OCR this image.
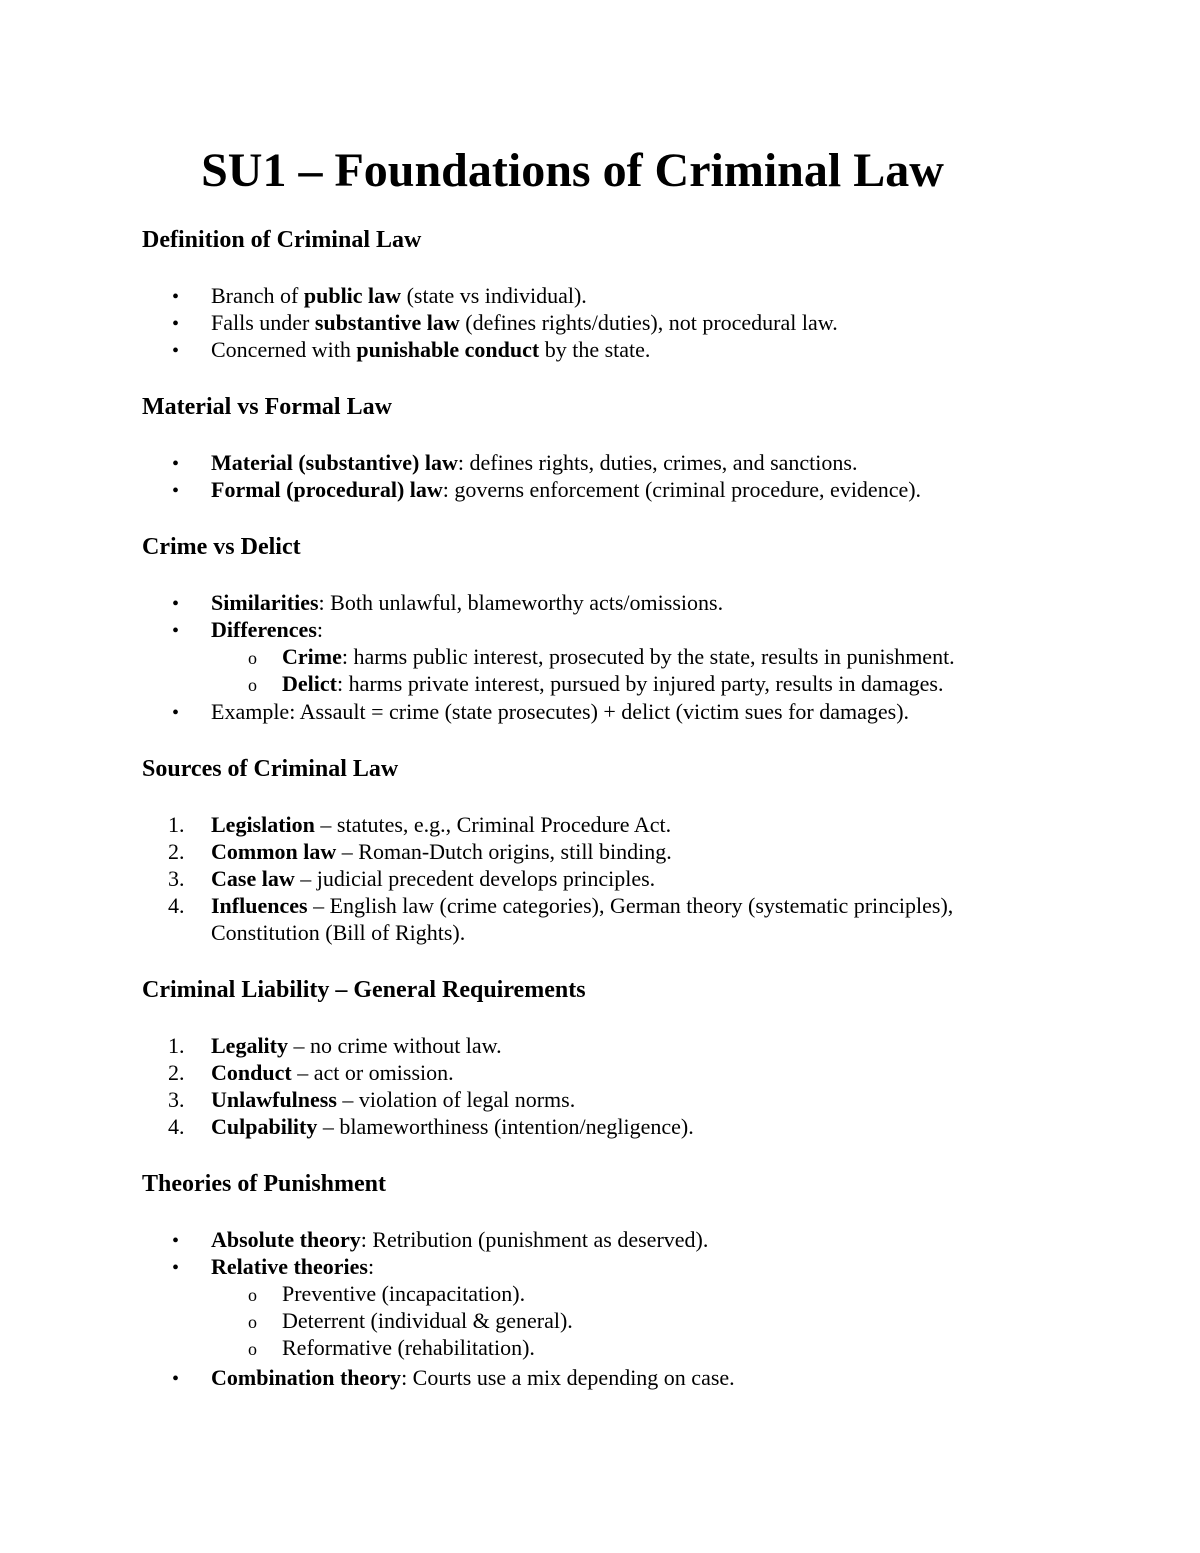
SU1 – Foundations of Criminal Law
Definition of Criminal Law
• Branch of public law (state vs individual).

• Falls under substantive law (defines rights/duties), not procedural law.

• Concerned with punishable conduct by the state.

Material vs Formal Law
• Material (substantive) law: defines rights, duties, crimes, and sanctions.

• Formal (procedural) law: governs enforcement (criminal procedure, evidence).

Crime vs Delict
• Similarities: Both unlawful, blameworthy acts/omissions.

• Differences:

o Crime: harms public interest, prosecuted by the state, results in punishment.

o Delict: harms private interest, pursued by injured party, results in damages.

• Example: Assault = crime (state prosecutes) + delict (victim sues for damages).

Sources of Criminal Law
1. Legislation – statutes, e.g., Criminal Procedure Act.

2. Common law – Roman-Dutch origins, still binding.

3. Case law – judicial precedent develops principles.

4. Influences – English law (crime categories), German theory (systematic principles),

Constitution (Bill of Rights).

Criminal Liability – General Requirements
1. Legality – no crime without law.

2. Conduct – act or omission.

3. Unlawfulness – violation of legal norms.

4. Culpability – blameworthiness (intention/negligence).

Theories of Punishment
• Absolute theory: Retribution (punishment as deserved).

• Relative theories:

o Preventive (incapacitation).

o Deterrent (individual & general).

o Reformative (rehabilitation).

• Combination theory: Courts use a mix depending on case.
